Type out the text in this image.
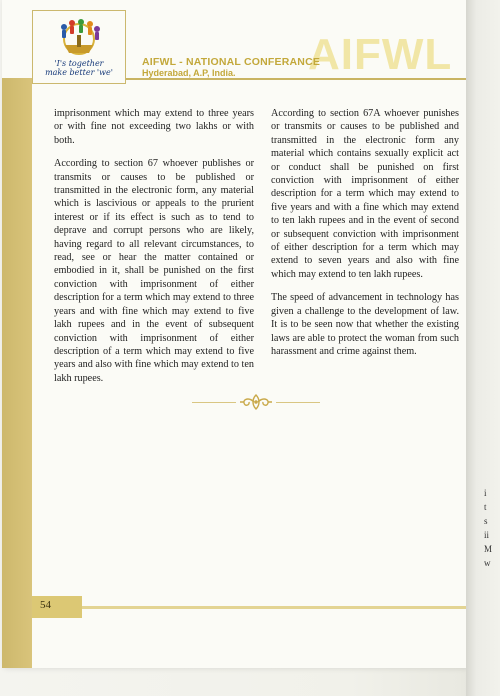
AIFWL
'I's together
make better 'we'
AIFWL - NATIONAL CONFERANCE
Hyderabad, A.P, India.

imprisonment which may extend to three years or with fine not exceeding two lakhs or with both.

According to section 67 whoever publishes or transmits or causes to be published or transmitted in the electronic form, any material which is lascivious or appeals to the prurient interest or if its effect is such as to tend to deprave and corrupt persons who are likely, having regard to all relevant circumstances, to read, see or hear the matter contained or embodied in it, shall be punished on the first conviction with imprisonment of either description for a term which may extend to three years and with fine which may extend to five lakh rupees and in the event of subsequent conviction with imprisonment of either description of a term which may extend to five years and also with fine which may extend to ten lakh rupees.

According to section 67A whoever punishes or transmits or causes to be published and transmitted in the electronic form any material which contains sexually explicit act or conduct shall be punished on first conviction with imprisonment of either description for a term which may extend to five years and with a fine which may extend to ten lakh rupees and in the event of second or subsequent conviction with imprisonment of either description for a term which may extend to seven years and also with fine which may extend to ten lakh rupees.

The speed of advancement in technology has given a challenge to the development of law. It is to be seen now that whether the existing laws are able to protect the woman from such harassment and crime against them.

54
i
t
s
ii
M
w
